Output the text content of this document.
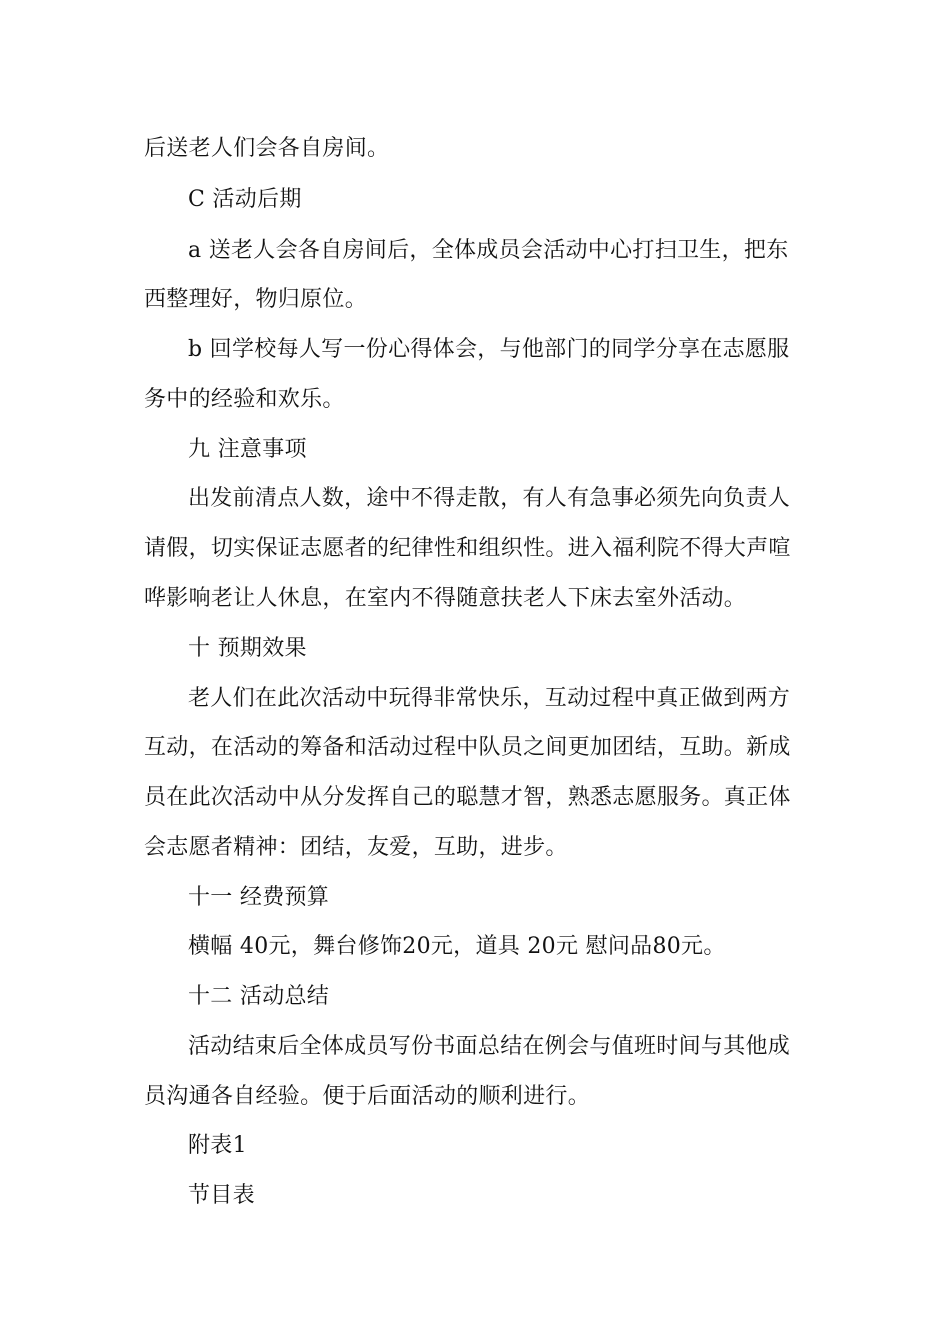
后送老人们会各自房间。
C 活动后期
a 送老人会各自房间后，全体成员会活动中心打扫卫生，把东
西整理好，物归原位。
b 回学校每人写一份心得体会，与他部门的同学分享在志愿服
务中的经验和欢乐。
九 注意事项
出发前清点人数，途中不得走散，有人有急事必须先向负责人
请假，切实保证志愿者的纪律性和组织性。进入福利院不得大声喧
哗影响老让人休息，在室内不得随意扶老人下床去室外活动。
十 预期效果
老人们在此次活动中玩得非常快乐，互动过程中真正做到两方
互动，在活动的筹备和活动过程中队员之间更加团结，互助。新成
员在此次活动中从分发挥自己的聪慧才智，熟悉志愿服务。真正体
会志愿者精神：团结，友爱，互助，进步。
十一 经费预算
横幅 40元，舞台修饰20元，道具 20元 慰问品80元。
十二 活动总结
活动结束后全体成员写份书面总结在例会与值班时间与其他成
员沟通各自经验。便于后面活动的顺利进行。
附表1
节目表
